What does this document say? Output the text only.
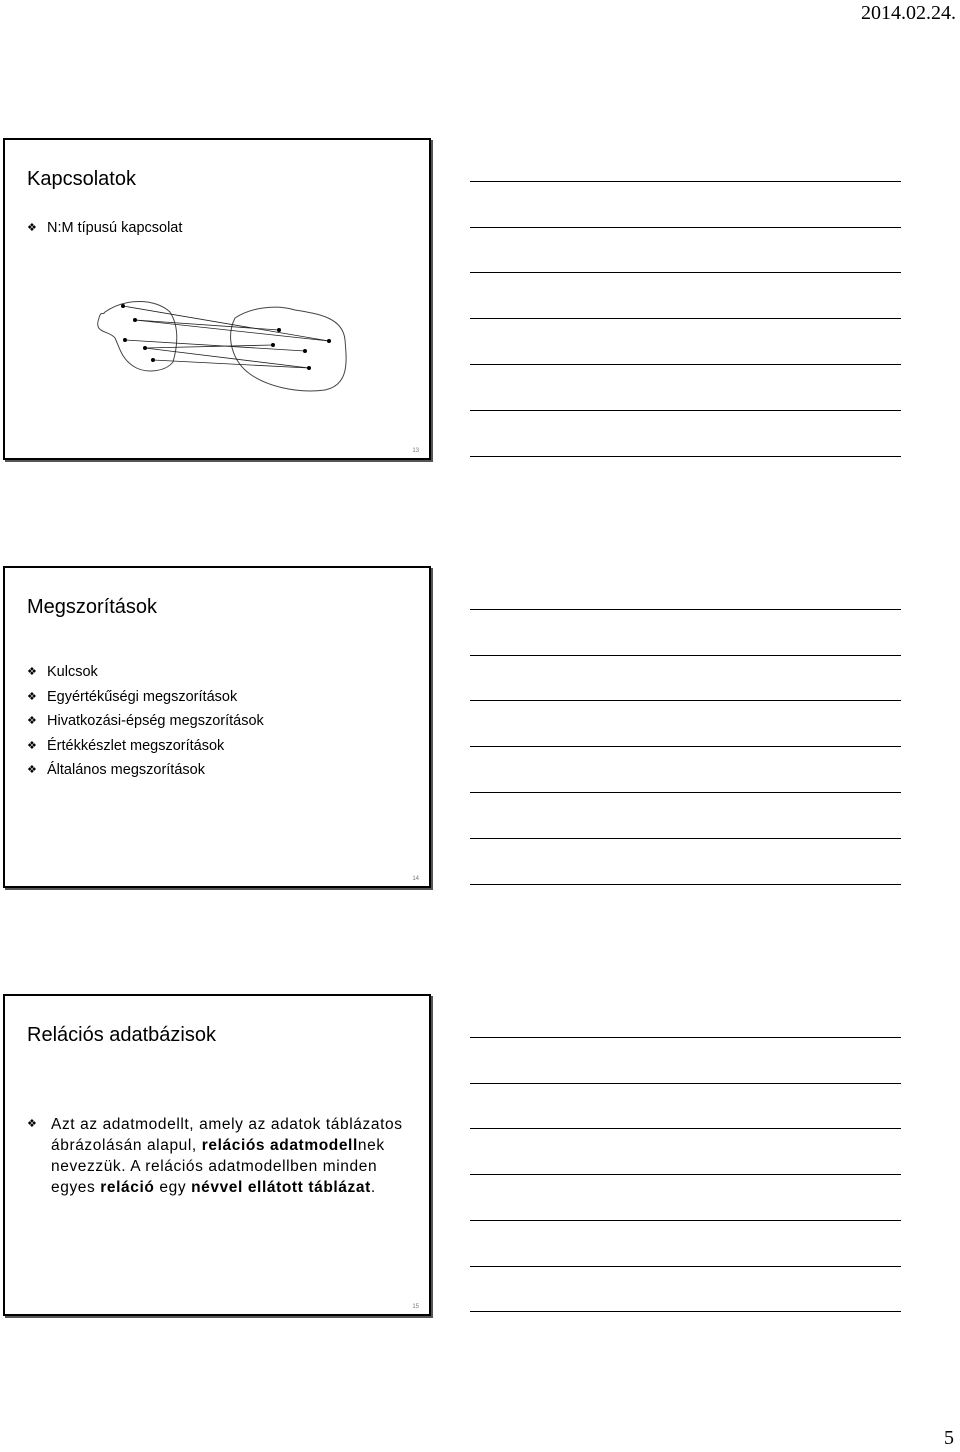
2014.02.24.
Kapcsolatok
❖ N:M típusú kapcsolat
13
Megszorítások
❖ Kulcsok
❖ Egyértékűségi megszorítások
❖ Hivatkozási-épség megszorítások
❖ Értékkészlet megszorítások
❖ Általános megszorítások
14
Relációs adatbázisok
❖ Azt az adatmodellt, amely az adatok táblázatos ábrázolásán alapul, relációs adatmodellnek nevezzük. A relációs adatmodellben minden egyes reláció egy névvel ellátott táblázat.
15
5
